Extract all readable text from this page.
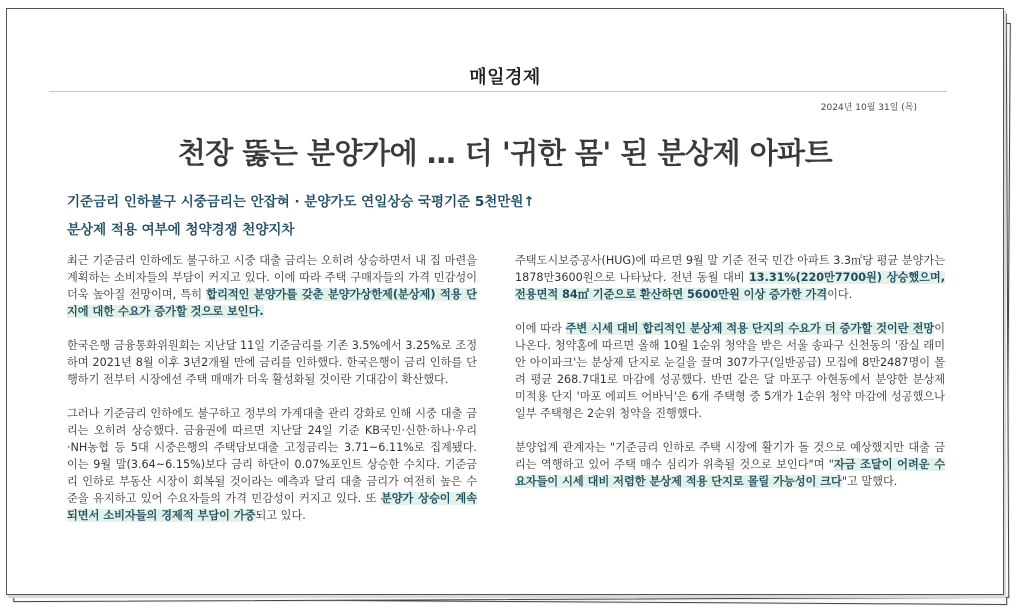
매일경제
2024년 10월 31일 (목)
천장 뚫는 분양가에 … 더 '귀한 몸' 된 분상제 아파트
기준금리 인하불구 시중금리는 안잡혀 · 분양가도 연일상승 국평기준 5천만원↑
분상제 적용 여부에 청약경쟁 천양지차

최근 기준금리 인하에도 불구하고 시중 대출 금리는 오히려 상승하면서 내 집 마련을 계획하는 소비자들의 부담이 커지고 있다. 이에 따라 주택 구매자들의 가격 민감성이 더욱 높아질 전망이며, 특히 합리적인 분양가를 갖춘 분양가상한제(분상제) 적용 단지에 대한 수요가 증가할 것으로 보인다.

한국은행 금융통화위원회는 지난달 11일 기준금리를 기존 3.5%에서 3.25%로 조정하며 2021년 8월 이후 3년2개월 만에 금리를 인하했다. 한국은행이 금리 인하를 단행하기 전부터 시장에선 주택 매매가 더욱 활성화될 것이란 기대감이 확산했다.

그러나 기준금리 인하에도 불구하고 정부의 가계대출 관리 강화로 인해 시중 대출 금리는 오히려 상승했다. 금융권에 따르면 지난달 24일 기준 KB국민·신한·하나·우리·NH농협 등 5대 시중은행의 주택담보대출 고정금리는 3.71~6.11%로 집계됐다. 이는 9월 말(3.64~6.15%)보다 금리 하단이 0.07%포인트 상승한 수치다. 기준금리 인하로 부동산 시장이 회복될 것이라는 예측과 달리 대출 금리가 여전히 높은 수준을 유지하고 있어 수요자들의 가격 민감성이 커지고 있다. 또 분양가 상승이 계속되면서 소비자들의 경제적 부담이 가중되고 있다.

주택도시보증공사(HUG)에 따르면 9월 말 기준 전국 민간 아파트 3.3㎡당 평균 분양가는 1878만3600원으로 나타났다. 전년 동월 대비 13.31%(220만7700원) 상승했으며, 전용면적 84㎡ 기준으로 환산하면 5600만원 이상 증가한 가격이다.

이에 따라 주변 시세 대비 합리적인 분상제 적용 단지의 수요가 더 증가할 것이란 전망이 나온다. 청약홈에 따르면 올해 10월 1순위 청약을 받은 서울 송파구 신천동의 '잠실 래미안 아이파크'는 분상제 단지로 눈길을 끌며 307가구(일반공급) 모집에 8만2487명이 몰려 평균 268.7대1로 마감에 성공했다. 반면 같은 달 마포구 아현동에서 분양한 분상제 미적용 단지 '마포 에피트 어바닉'은 6개 주택형 중 5개가 1순위 청약 마감에 성공했으나 일부 주택형은 2순위 청약을 진행했다.

분양업계 관계자는 "기준금리 인하로 주택 시장에 활기가 돌 것으로 예상했지만 대출 금리는 역행하고 있어 주택 매수 심리가 위축될 것으로 보인다"며 "자금 조달이 어려운 수요자들이 시세 대비 저렴한 분상제 적용 단지로 몰릴 가능성이 크다"고 말했다.
